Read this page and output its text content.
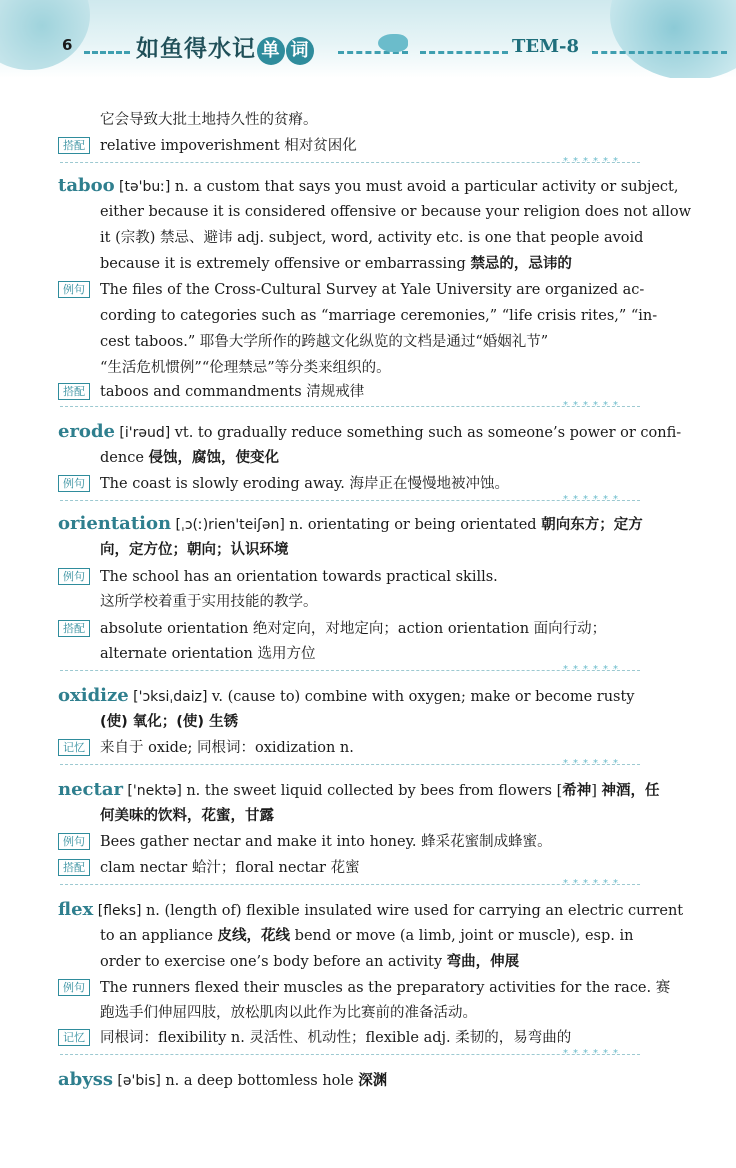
6	如鱼得水记 单 词	TEM-8
它会导致大批土地持久性的贫瘠。
搭配	relative impoverishment 相对贫困化
******
taboo [tə'buː] n. a custom that says you must avoid a particular activity or subject,
either because it is considered offensive or because your religion does not allow
it (宗教) 禁忌、避讳 adj. subject, word, activity etc. is one that people avoid
because it is extremely offensive or embarrassing 禁忌的，忌讳的
例句	The files of the Cross-Cultural Survey at Yale University are organized ac-
cording to categories such as “marriage ceremonies,” “life crisis rites,” “in-
cest taboos.” 耶鲁大学所作的跨越文化纵览的文档是通过“婚姻礼节”
“生活危机惯例”“伦理禁忌”等分类来组织的。
搭配	taboos and commandments 清规戒律
******
erode [i'rəud] vt. to gradually reduce something such as someone’s power or confi-
dence 侵蚀，腐蚀，使变化
例句	The coast is slowly eroding away. 海岸正在慢慢地被冲蚀。
******
orientation [ˌɔ(ː)rien'teiʃən] n. orientating or being orientated 朝向东方；定方
向，定方位；朝向；认识环境
例句	The school has an orientation towards practical skills.
这所学校着重于实用技能的教学。
搭配	absolute orientation 绝对定向，对地定向；action orientation 面向行动；
alternate orientation 选用方位
******
oxidize ['ɔksiˌdaiz] v. (cause to) combine with oxygen; make or become rusty
(使) 氧化；(使) 生锈
记忆	来自于 oxide; 同根词：oxidization n.
******
nectar ['nektə] n. the sweet liquid collected by bees from flowers [希神] 神酒，任
何美味的饮料，花蜜，甘露
例句	Bees gather nectar and make it into honey. 蜂采花蜜制成蜂蜜。
搭配	clam nectar 蛤汁；floral nectar 花蜜
******
flex [fleks] n. (length of) flexible insulated wire used for carrying an electric current
to an appliance 皮线，花线 bend or move (a limb, joint or muscle), esp. in
order to exercise one’s body before an activity 弯曲，伸展
例句	The runners flexed their muscles as the preparatory activities for the race. 赛
跑选手们伸屈四肢，放松肌肉以此作为比赛前的准备活动。
记忆	同根词：flexibility n. 灵活性、机动性；flexible adj. 柔韧的，易弯曲的
******
abyss [ə'bis] n. a deep bottomless hole 深渊
